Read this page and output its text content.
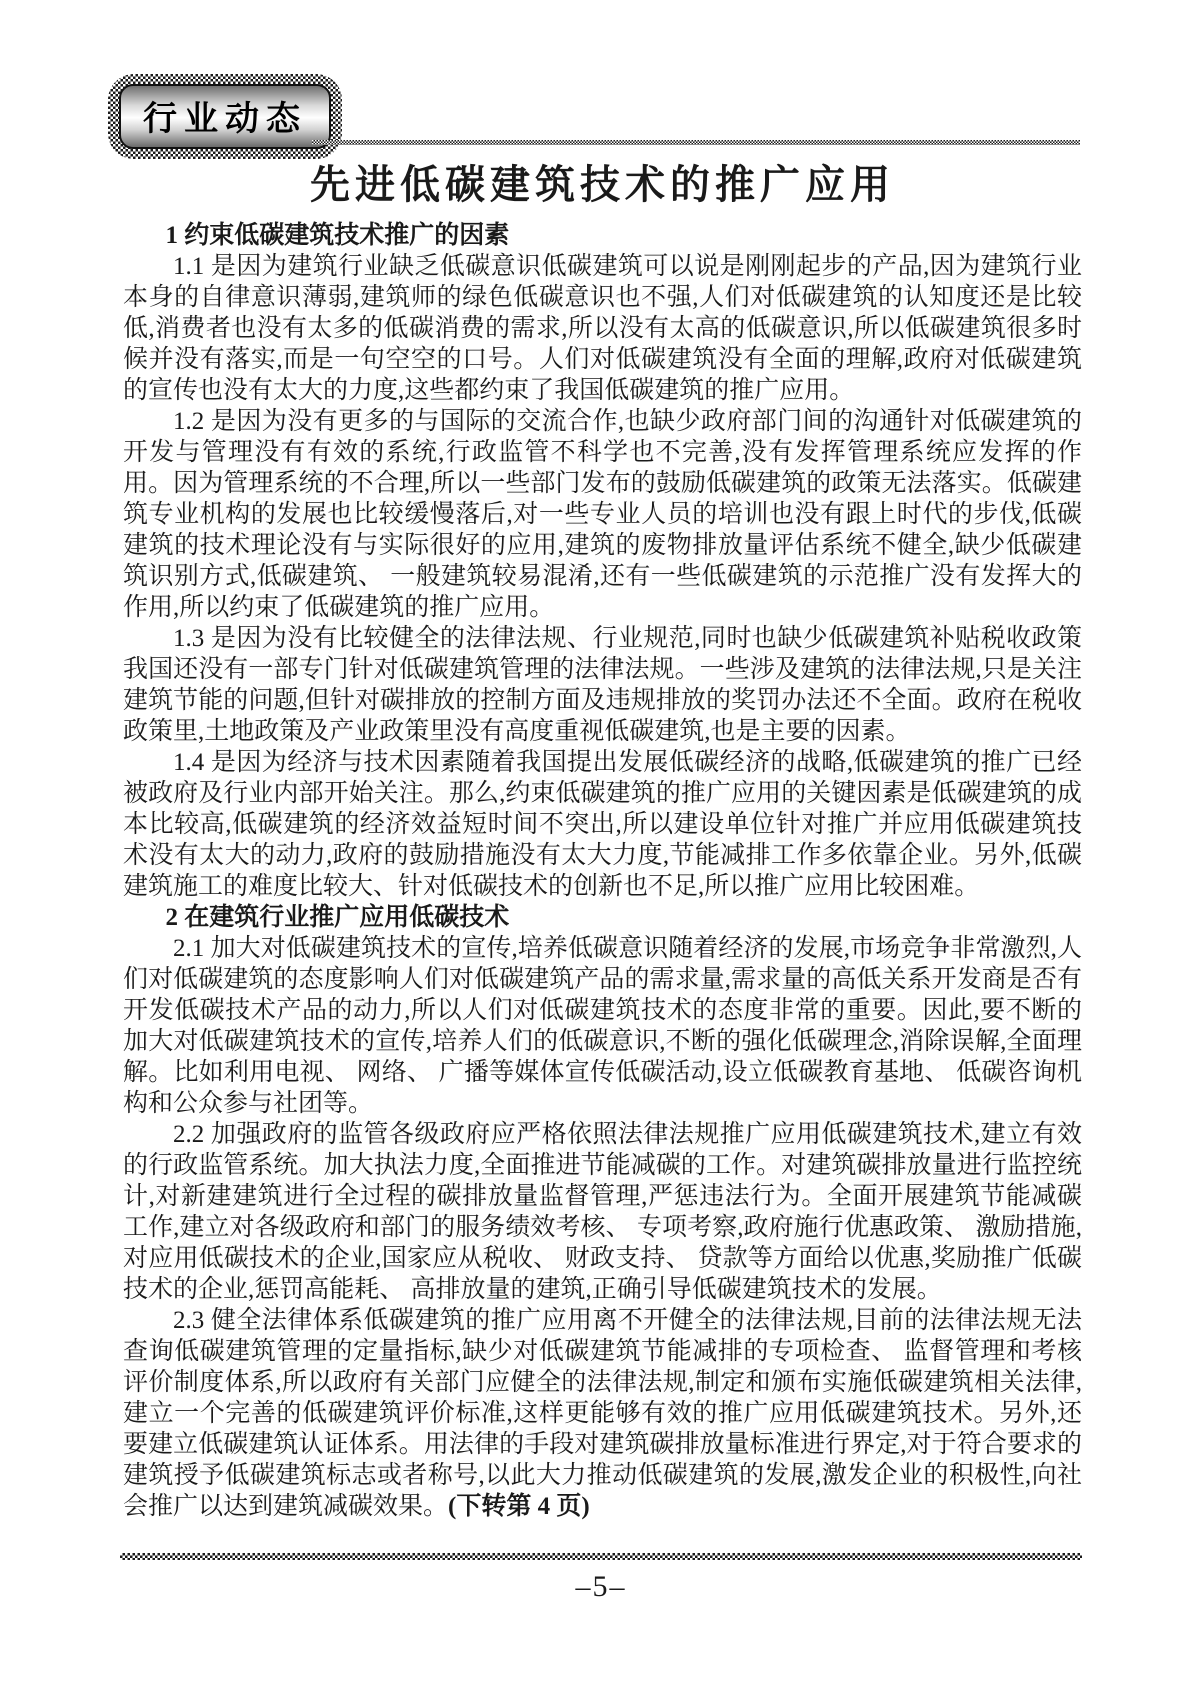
行业动态
先进低碳建筑技术的推广应用
1 约束低碳建筑技术推广的因素

1.1 是因为建筑行业缺乏低碳意识低碳建筑可以说是刚刚起步的产品,因为建筑行业本身的自律意识薄弱,建筑师的绿色低碳意识也不强,人们对低碳建筑的认知度还是比较低,消费者也没有太多的低碳消费的需求,所以没有太高的低碳意识,所以低碳建筑很多时候并没有落实,而是一句空空的口号。人们对低碳建筑没有全面的理解,政府对低碳建筑的宣传也没有太大的力度,这些都约束了我国低碳建筑的推广应用。

1.2 是因为没有更多的与国际的交流合作,也缺少政府部门间的沟通针对低碳建筑的开发与管理没有有效的系统,行政监管不科学也不完善,没有发挥管理系统应发挥的作用。因为管理系统的不合理,所以一些部门发布的鼓励低碳建筑的政策无法落实。低碳建筑专业机构的发展也比较缓慢落后,对一些专业人员的培训也没有跟上时代的步伐,低碳建筑的技术理论没有与实际很好的应用,建筑的废物排放量评估系统不健全,缺少低碳建筑识别方式,低碳建筑、 一般建筑较易混淆,还有一些低碳建筑的示范推广没有发挥大的作用,所以约束了低碳建筑的推广应用。

1.3 是因为没有比较健全的法律法规、行业规范,同时也缺少低碳建筑补贴税收政策我国还没有一部专门针对低碳建筑管理的法律法规。一些涉及建筑的法律法规,只是关注建筑节能的问题,但针对碳排放的控制方面及违规排放的奖罚办法还不全面。政府在税收政策里,土地政策及产业政策里没有高度重视低碳建筑,也是主要的因素。

1.4 是因为经济与技术因素随着我国提出发展低碳经济的战略,低碳建筑的推广已经被政府及行业内部开始关注。那么,约束低碳建筑的推广应用的关键因素是低碳建筑的成本比较高,低碳建筑的经济效益短时间不突出,所以建设单位针对推广并应用低碳建筑技术没有太大的动力,政府的鼓励措施没有太大力度,节能减排工作多依靠企业。另外,低碳建筑施工的难度比较大、针对低碳技术的创新也不足,所以推广应用比较困难。

2 在建筑行业推广应用低碳技术

2.1 加大对低碳建筑技术的宣传,培养低碳意识随着经济的发展,市场竞争非常激烈,人们对低碳建筑的态度影响人们对低碳建筑产品的需求量,需求量的高低关系开发商是否有开发低碳技术产品的动力,所以人们对低碳建筑技术的态度非常的重要。因此,要不断的加大对低碳建筑技术的宣传,培养人们的低碳意识,不断的强化低碳理念,消除误解,全面理解。比如利用电视、 网络、 广播等媒体宣传低碳活动,设立低碳教育基地、 低碳咨询机构和公众参与社团等。

2.2 加强政府的监管各级政府应严格依照法律法规推广应用低碳建筑技术,建立有效的行政监管系统。加大执法力度,全面推进节能减碳的工作。对建筑碳排放量进行监控统计,对新建建筑进行全过程的碳排放量监督管理,严惩违法行为。全面开展建筑节能减碳工作,建立对各级政府和部门的服务绩效考核、 专项考察,政府施行优惠政策、 激励措施,对应用低碳技术的企业,国家应从税收、 财政支持、 贷款等方面给以优惠,奖励推广低碳技术的企业,惩罚高能耗、 高排放量的建筑,正确引导低碳建筑技术的发展。

2.3 健全法律体系低碳建筑的推广应用离不开健全的法律法规,目前的法律法规无法查询低碳建筑管理的定量指标,缺少对低碳建筑节能减排的专项检查、 监督管理和考核评价制度体系,所以政府有关部门应健全的法律法规,制定和颁布实施低碳建筑相关法律,建立一个完善的低碳建筑评价标准,这样更能够有效的推广应用低碳建筑技术。另外,还要建立低碳建筑认证体系。用法律的手段对建筑碳排放量标准进行界定,对于符合要求的建筑授予低碳建筑标志或者称号,以此大力推动低碳建筑的发展,激发企业的积极性,向社会推广以达到建筑减碳效果。(下转第 4 页)

–5–
